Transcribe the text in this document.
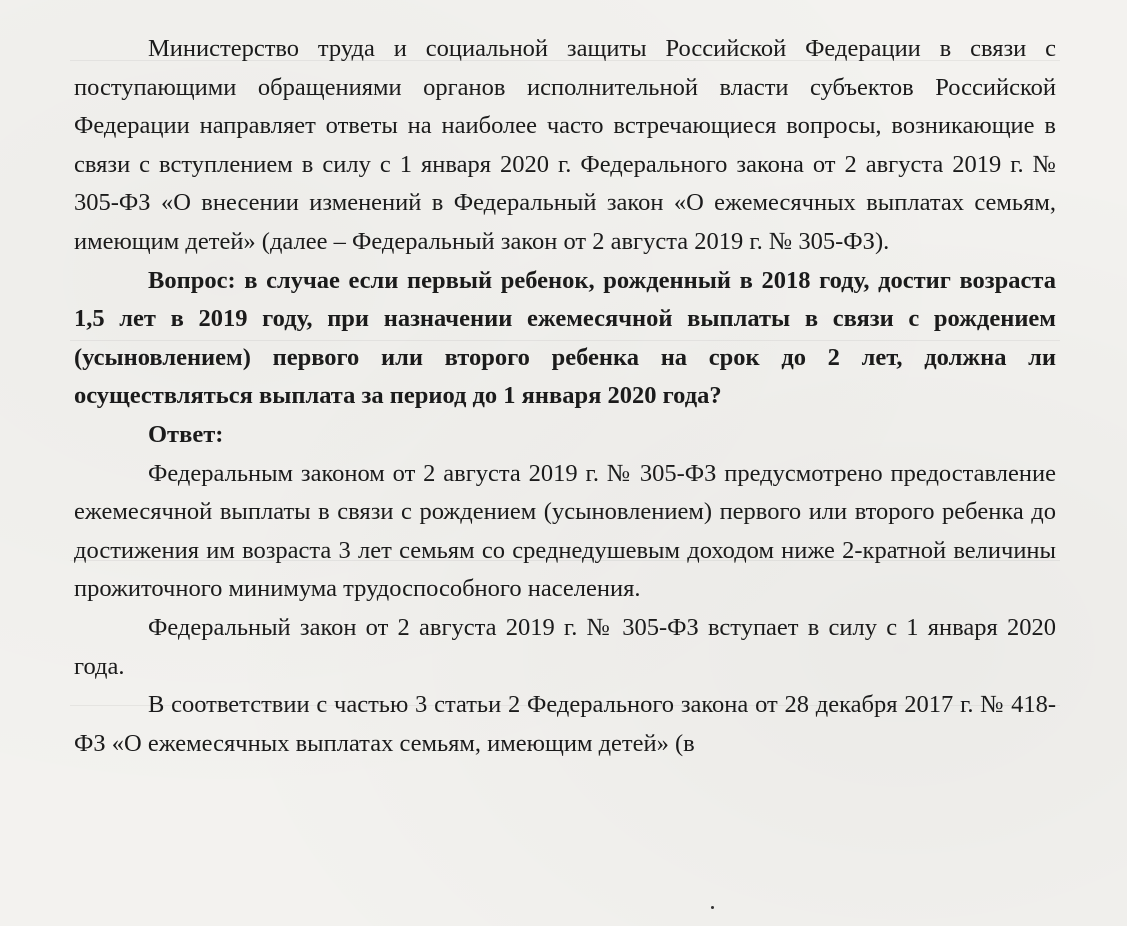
Министерство труда и социальной защиты Российской Федерации в связи с поступающими обращениями органов исполнительной власти субъектов Российской Федерации направляет ответы на наиболее часто встречающиеся вопросы, возникающие в связи с вступлением в силу с 1 января 2020 г. Федерального закона от 2 августа 2019 г. № 305-ФЗ «О внесении изменений в Федеральный закон «О ежемесячных выплатах семьям, имеющим детей» (далее – Федеральный закон от 2 августа 2019 г. № 305-ФЗ).

Вопрос: в случае если первый ребенок, рожденный в 2018 году, достиг возраста 1,5 лет в 2019 году, при назначении ежемесячной выплаты в связи с рождением (усыновлением) первого или второго ребенка на срок до 2 лет, должна ли осуществляться выплата за период до 1 января 2020 года?

Ответ:

Федеральным законом от 2 августа 2019 г. № 305-ФЗ предусмотрено предоставление ежемесячной выплаты в связи с рождением (усыновлением) первого или второго ребенка до достижения им возраста 3 лет семьям со среднедушевым доходом ниже 2-кратной величины прожиточного минимума трудоспособного населения.

Федеральный закон от 2 августа 2019 г. № 305-ФЗ вступает в силу с 1 января 2020 года.

В соответствии с частью 3 статьи 2 Федерального закона от 28 декабря 2017 г. № 418-ФЗ «О ежемесячных выплатах семьям, имеющим детей» (в
